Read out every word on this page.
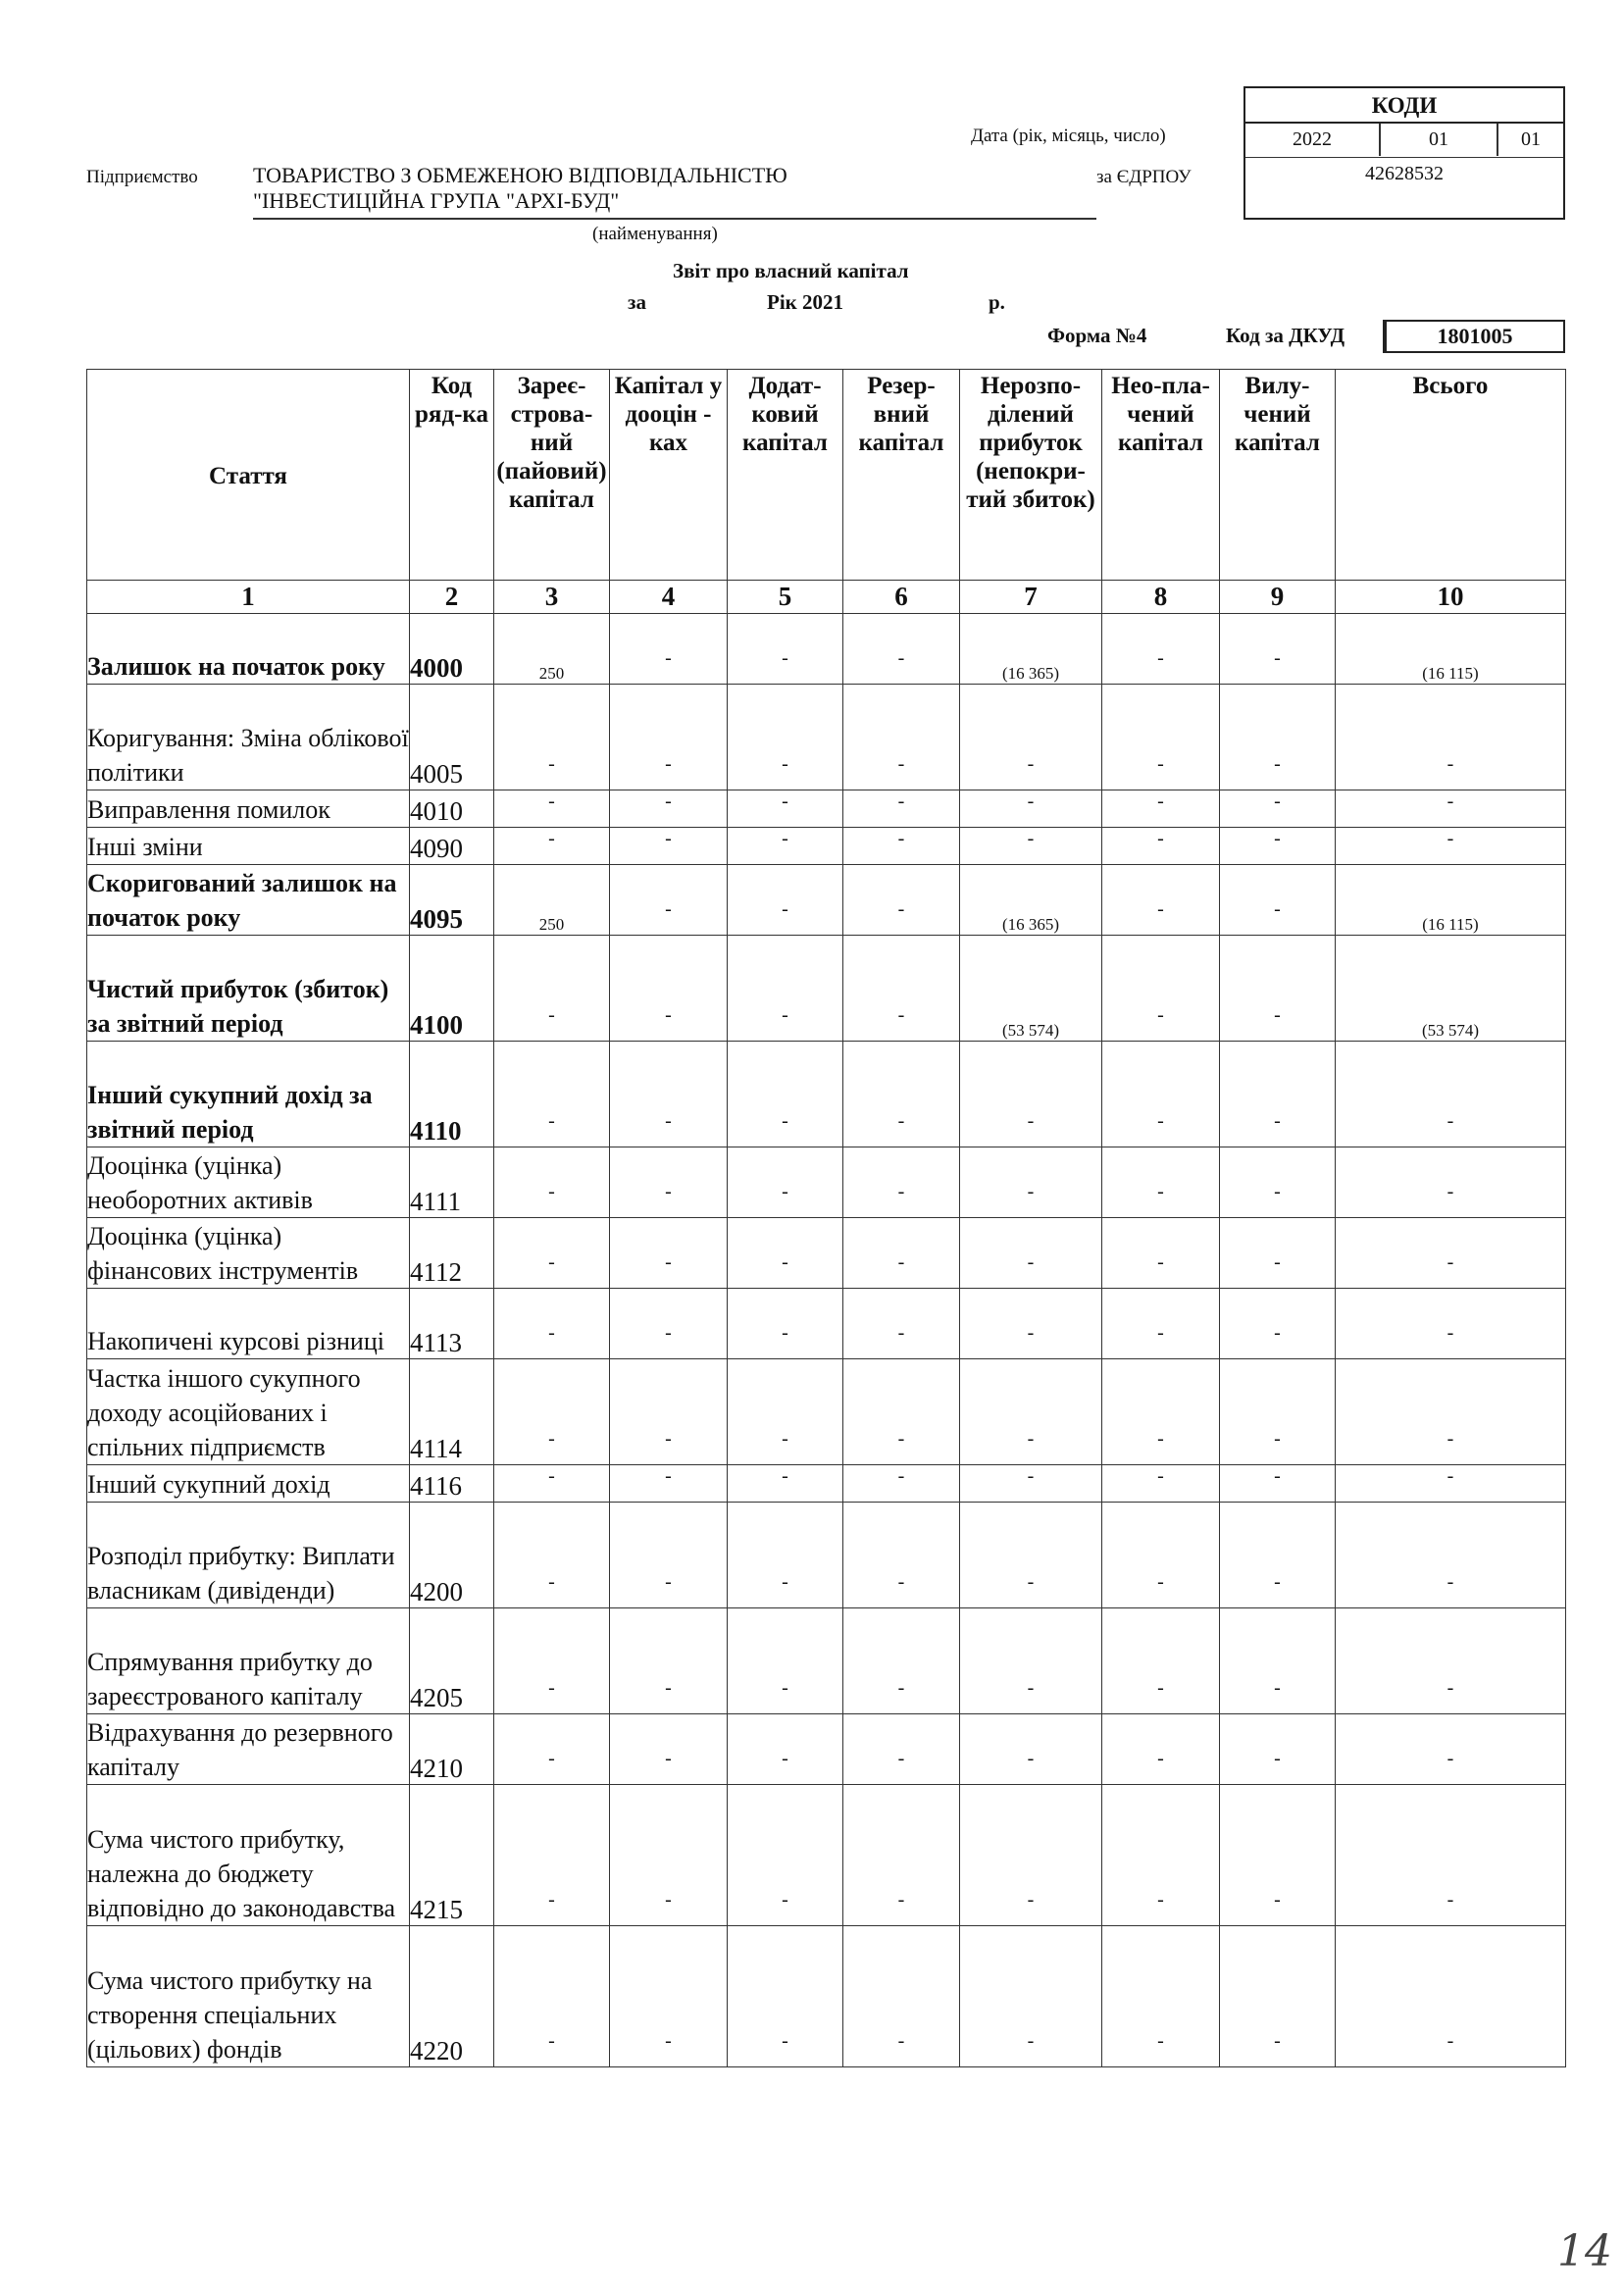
КОДИ
2022	01	01
42628532
Дата (рік, місяць, число)
Підприємство	ТОВАРИСТВО З ОБМЕЖЕНОЮ ВІДПОВІДАЛЬНІСТЮ
"ІНВЕСТИЦІЙНА ГРУПА "АРХІ-БУД"
за ЄДРПОУ
(найменування)
Звіт про власний капітал
за	Рік 2021	р.
Форма №4	Код за ДКУД	1801005
Стаття	Код ряд-ка	Зареє-строва-ний (пайовий) капітал	Капітал у дооцін - ках	Додат-ковий капітал	Резер-вний капітал	Нерозпо-ділений прибуток (непокри-тий збиток)	Нео-пла-чений капітал	Вилу-чений капітал	Всього
1	2	3	4	5	6	7	8	9	10
Залишок на початок року	4000	250	-	-	-	(16 365)	-	-	(16 115)
Коригування: Зміна облікової політики	4005	-	-	-	-	-	-	-	-
Виправлення помилок	4010	-	-	-	-	-	-	-	-
Інші зміни	4090	-	-	-	-	-	-	-	-
Скоригований залишок на початок року	4095	250	-	-	-	(16 365)	-	-	(16 115)
Чистий прибуток (збиток) за звітний період	4100	-	-	-	-	(53 574)	-	-	(53 574)
Інший сукупний дохід за звітний період	4110	-	-	-	-	-	-	-	-
Дооцінка (уцінка) необоротних активів	4111	-	-	-	-	-	-	-	-
Дооцінка (уцінка) фінансових інструментів	4112	-	-	-	-	-	-	-	-
Накопичені курсові різниці	4113	-	-	-	-	-	-	-	-
Частка іншого сукупного доходу асоційованих і спільних підприємств	4114	-	-	-	-	-	-	-	-
Інший сукупний дохід	4116	-	-	-	-	-	-	-	-
Розподіл прибутку: Виплати власникам (дивіденди)	4200	-	-	-	-	-	-	-	-
Спрямування прибутку до зареєстрованого капіталу	4205	-	-	-	-	-	-	-	-
Відрахування до резервного капіталу	4210	-	-	-	-	-	-	-	-
Сума чистого прибутку, належна до бюджету відповідно до законодавства	4215	-	-	-	-	-	-	-	-
Сума чистого прибутку на створення спеціальних (цільових) фондів	4220	-	-	-	-	-	-	-	-
14
